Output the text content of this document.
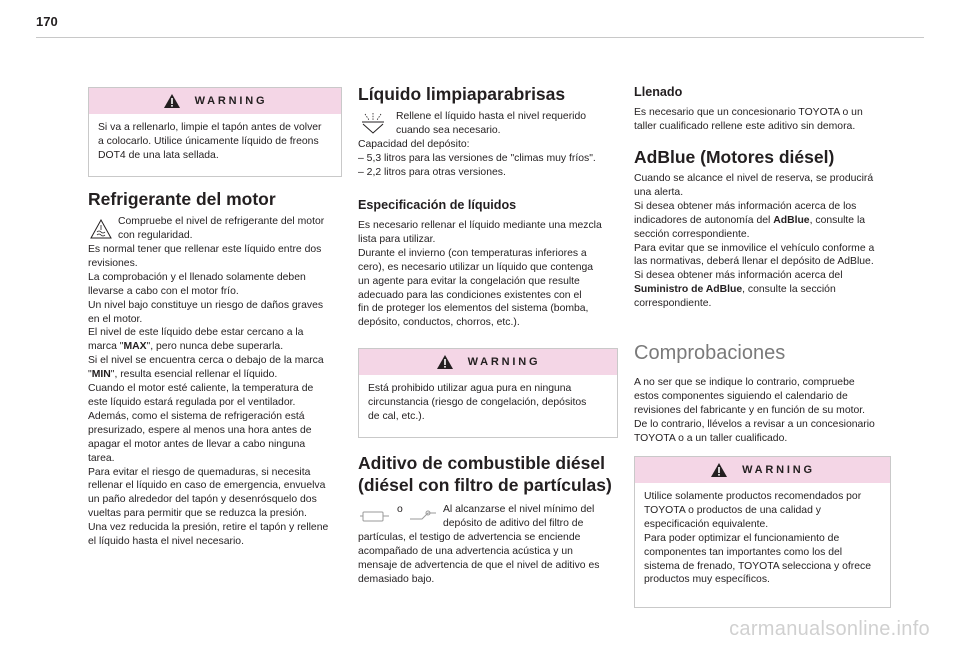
170
WARNING

Si va a rellenarlo, limpie el tapón antes de volver

a colocarlo. Utilice únicamente líquido de freons

DOT4 de una lata sellada.

Refrigerante del motor

Compruebe el nivel de refrigerante del motor

con regularidad.

Es normal tener que rellenar este líquido entre dos

revisiones.

La comprobación y el llenado solamente deben

llevarse a cabo con el motor frío.

Un nivel bajo constituye un riesgo de daños graves

en el motor.

El nivel de este líquido debe estar cercano a la

marca "MAX", pero nunca debe superarla.

Si el nivel se encuentra cerca o debajo de la marca

"MIN", resulta esencial rellenar el líquido.

Cuando el motor esté caliente, la temperatura de

este líquido estará regulada por el ventilador.

Además, como el sistema de refrigeración está

presurizado, espere al menos una hora antes de

apagar el motor antes de llevar a cabo ninguna

tarea.

Para evitar el riesgo de quemaduras, si necesita

rellenar el líquido en caso de emergencia, envuelva

un paño alrededor del tapón y desenrósquelo dos

vueltas para permitir que se reduzca la presión.

Una vez reducida la presión, retire el tapón y rellene

el líquido hasta el nivel necesario.

Líquido limpiaparabrisas

Rellene el líquido hasta el nivel requerido

cuando sea necesario.

Capacidad del depósito:

– 5,3 litros para las versiones de "climas muy fríos".

– 2,2 litros para otras versiones.

Especificación de líquidos

Es necesario rellenar el líquido mediante una mezcla

lista para utilizar.

Durante el invierno (con temperaturas inferiores a

cero), es necesario utilizar un líquido que contenga

un agente para evitar la congelación que resulte

adecuado para las condiciones existentes con el

fin de proteger los elementos del sistema (bomba,

depósito, conductos, chorros, etc.).

WARNING

Está prohibido utilizar agua pura en ninguna

circunstancia (riesgo de congelación, depósitos

de cal, etc.).

Aditivo de combustible diésel
(diésel con filtro de partículas)
o	Al alcanzarse el nivel mínimo del

depósito de aditivo del filtro de

partículas, el testigo de advertencia se enciende

acompañado de una advertencia acústica y un

mensaje de advertencia de que el nivel de aditivo es

demasiado bajo.

Llenado

Es necesario que un concesionario TOYOTA o un

taller cualificado rellene este aditivo sin demora.

AdBlue (Motores diésel)

Cuando se alcance el nivel de reserva, se producirá

una alerta.

Si desea obtener más información acerca de los

indicadores de autonomía del AdBlue, consulte la

sección correspondiente.

Para evitar que se inmovilice el vehículo conforme a

las normativas, deberá llenar el depósito de AdBlue.

Si desea obtener más información acerca del

Suministro de AdBlue, consulte la sección

correspondiente.

Comprobaciones

A no ser que se indique lo contrario, compruebe

estos componentes siguiendo el calendario de

revisiones del fabricante y en función de su motor.

De lo contrario, llévelos a revisar a un concesionario

TOYOTA o a un taller cualificado.

WARNING

Utilice solamente productos recomendados por

TOYOTA o productos de una calidad y

especificación equivalente.

Para poder optimizar el funcionamiento de

componentes tan importantes como los del

sistema de frenado, TOYOTA selecciona y ofrece

productos muy específicos.

carmanualsonline.info
